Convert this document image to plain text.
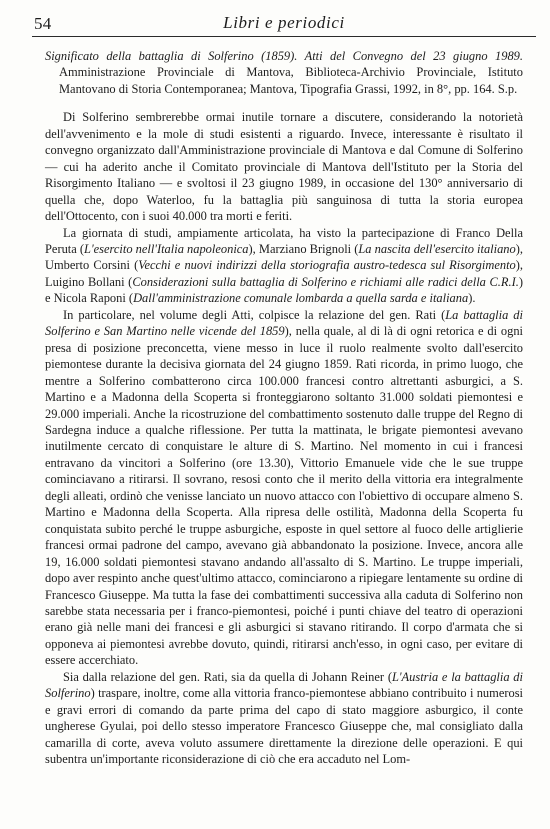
54	Libri e periodici

Significato della battaglia di Solferino (1859). Atti del Convegno del 23 giugno 1989. Amministrazione Provinciale di Mantova, Biblioteca-Archivio Provinciale, Istituto Mantovano di Storia Contemporanea; Mantova, Tipografia Grassi, 1992, in 8°, pp. 164. S.p.

Di Solferino sembrerebbe ormai inutile tornare a discutere, considerando la notorietà dell'avvenimento e la mole di studi esistenti a riguardo. Invece, interessante è risultato il convegno organizzato dall'Amministrazione provinciale di Mantova e dal Comune di Solferino — cui ha aderito anche il Comitato provinciale di Mantova dell'Istituto per la Storia del Risorgimento Italiano — e svoltosi il 23 giugno 1989, in occasione del 130° anniversario di quella che, dopo Waterloo, fu la battaglia più sanguinosa di tutta la storia europea dell'Ottocento, con i suoi 40.000 tra morti e feriti.

La giornata di studi, ampiamente articolata, ha visto la partecipazione di Franco Della Peruta (L'esercito nell'Italia napoleonica), Marziano Brignoli (La nascita dell'esercito italiano), Umberto Corsini (Vecchi e nuovi indirizzi della storiografia austro-tedesca sul Risorgimento), Luigino Bollani (Considerazioni sulla battaglia di Solferino e richiami alle radici della C.R.I.) e Nicola Raponi (Dall'amministrazione comunale lombarda a quella sarda e italiana).

In particolare, nel volume degli Atti, colpisce la relazione del gen. Rati (La battaglia di Solferino e San Martino nelle vicende del 1859), nella quale, al di là di ogni retorica e di ogni presa di posizione preconcetta, viene messo in luce il ruolo realmente svolto dall'esercito piemontese durante la decisiva giornata del 24 giugno 1859. Rati ricorda, in primo luogo, che mentre a Solferino combatterono circa 100.000 francesi contro altrettanti asburgici, a S. Martino e a Madonna della Scoperta si fronteggiarono soltanto 31.000 soldati piemontesi e 29.000 imperiali. Anche la ricostruzione del combattimento sostenuto dalle truppe del Regno di Sardegna induce a qualche riflessione. Per tutta la mattinata, le brigate piemontesi avevano inutilmente cercato di conquistare le alture di S. Martino. Nel momento in cui i francesi entravano da vincitori a Solferino (ore 13.30), Vittorio Emanuele vide che le sue truppe cominciavano a ritirarsi. Il sovrano, resosi conto che il merito della vittoria era integralmente degli alleati, ordinò che venisse lanciato un nuovo attacco con l'obiettivo di occupare almeno S. Martino e Madonna della Scoperta. Alla ripresa delle ostilità, Madonna della Scoperta fu conquistata subito perché le truppe asburgiche, esposte in quel settore al fuoco delle artiglierie francesi ormai padrone del campo, avevano già abbandonato la posizione. Invece, ancora alle 19, 16.000 soldati piemontesi stavano andando all'assalto di S. Martino. Le truppe imperiali, dopo aver respinto anche quest'ultimo attacco, cominciarono a ripiegare lentamente su ordine di Francesco Giuseppe. Ma tutta la fase dei combattimenti successiva alla caduta di Solferino non sarebbe stata necessaria per i franco-piemontesi, poiché i punti chiave del teatro di operazioni erano già nelle mani dei francesi e gli asburgici si stavano ritirando. Il corpo d'armata che si opponeva ai piemontesi avrebbe dovuto, quindi, ritirarsi anch'esso, in ogni caso, per evitare di essere accerchiato.

Sia dalla relazione del gen. Rati, sia da quella di Johann Reiner (L'Austria e la battaglia di Solferino) traspare, inoltre, come alla vittoria franco-piemontese abbiano contribuito i numerosi e gravi errori di comando da parte prima del capo di stato maggiore asburgico, il conte ungherese Gyulai, poi dello stesso imperatore Francesco Giuseppe che, mal consigliato dalla camarilla di corte, aveva voluto assumere direttamente la direzione delle operazioni. E qui subentra un'importante riconsiderazione di ciò che era accaduto nel Lom-
